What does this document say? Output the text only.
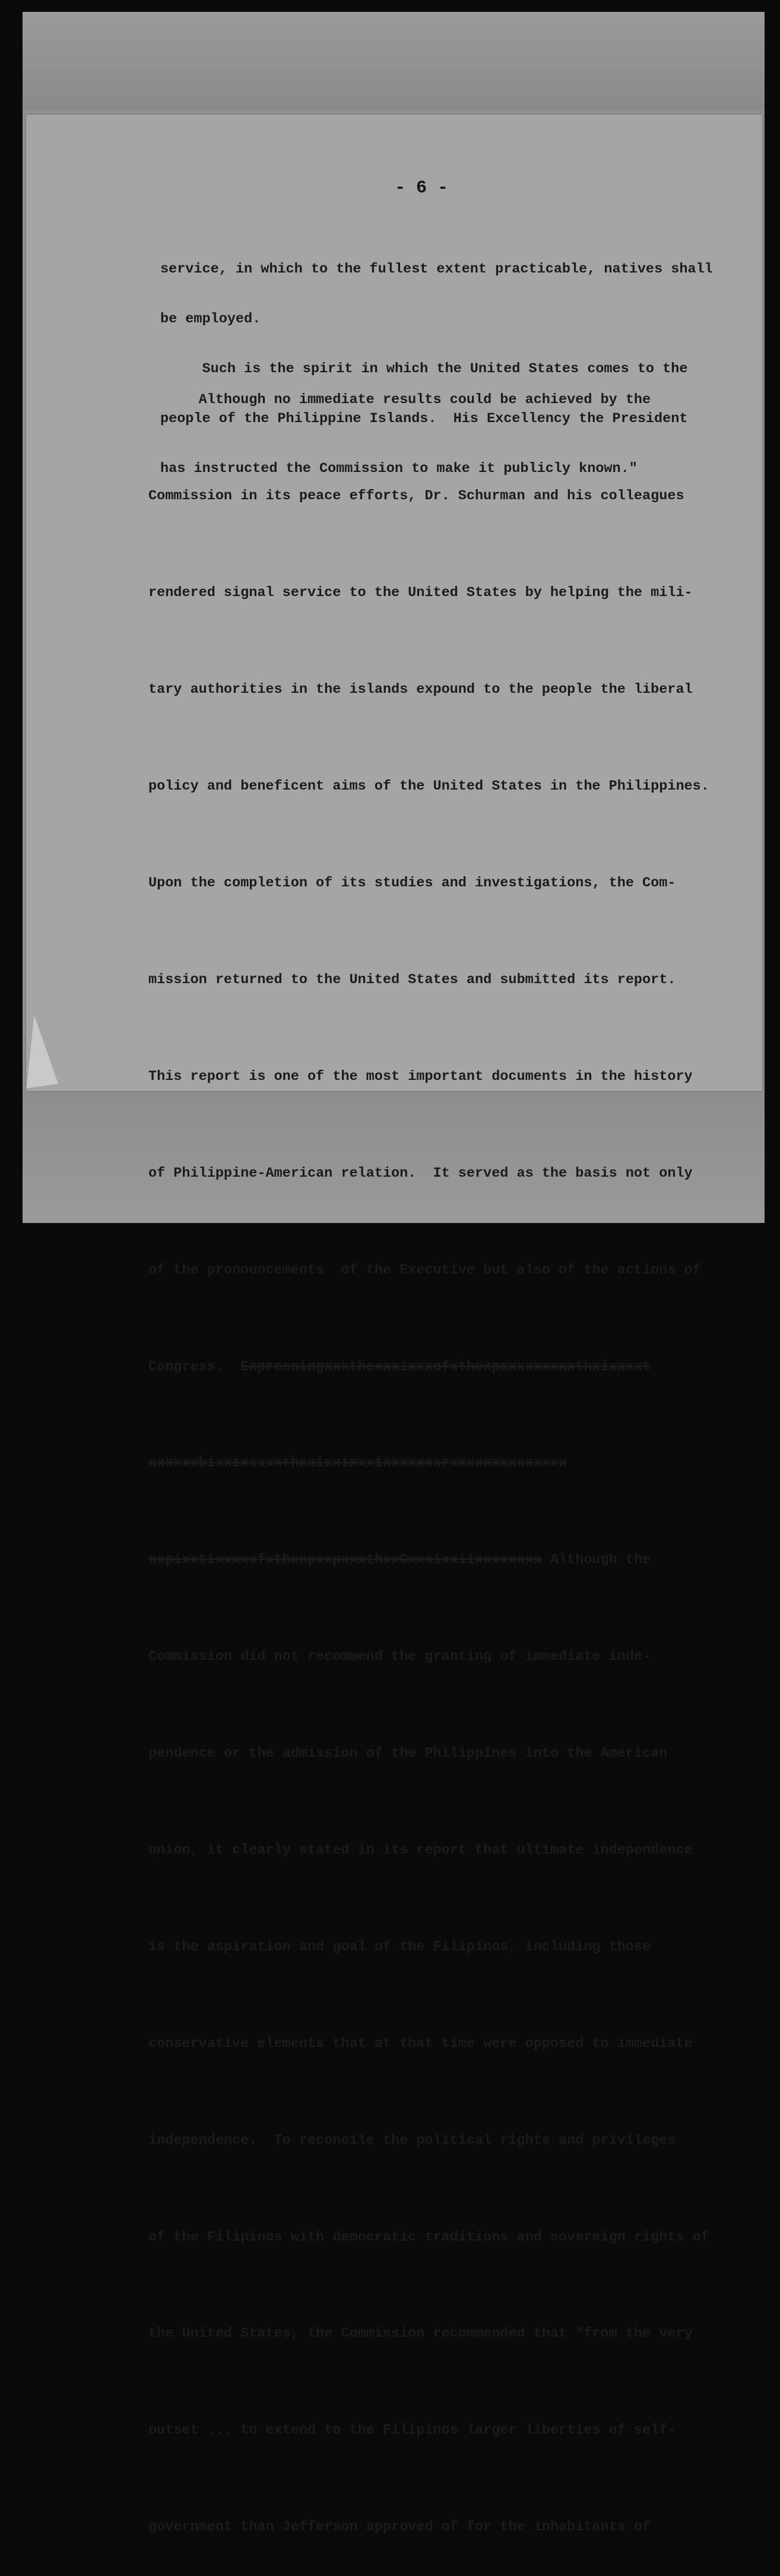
- 6 -

service, in which to the fullest extent practicable, natives shall

be employed.

Such is the spirit in which the United States comes to the

people of the Philippine Islands.  His Excellency the President

has instructed the Commission to make it publicly known."

Although no immediate results could be achieved by the

Commission in its peace efforts, Dr. Schurman and his colleagues

rendered signal service to the United States by helping the mili-

tary authorities in the islands expound to the people the liberal

policy and beneficent aims of the United States in the Philippines.

Upon the completion of its studies and investigations, the Com-

mission returned to the United States and submitted its report.

This report is one of the most important documents in the history

of Philippine-American relation.  It served as the basis not only

of the pronouncements  of the Executive but also of the actions of

Congress.  Expressingxxxthexxxixxxofxthexpxxxxxxxxxthxixxxxt

xxxxxxbixxixxxxxthxxixxixxxixxxxxxxrxxxxxxxxxxxxxx

xxpixxtixxxxxfxthxxpxxpxxxthxxCxxxixxiixxxxxxxx Although the

Commission did not recommend the granting of immediate inde-

pendence or the admission of the Philippines into the American

union, it clearly stated in its report that ultimate independence

is the aspiration and goal of the Filipinos, including those

conservative elements that at that time were opposed to immediate

independence.  To reconcile the political rights and privileges

of the Filipinos with democratic traditions and sovereign rights of

the United States, the Commission recommended that "from the very

outset ... to extend to the Filipinos larger liberties of self-

government than Jefferson approved of for the inhabitants of
